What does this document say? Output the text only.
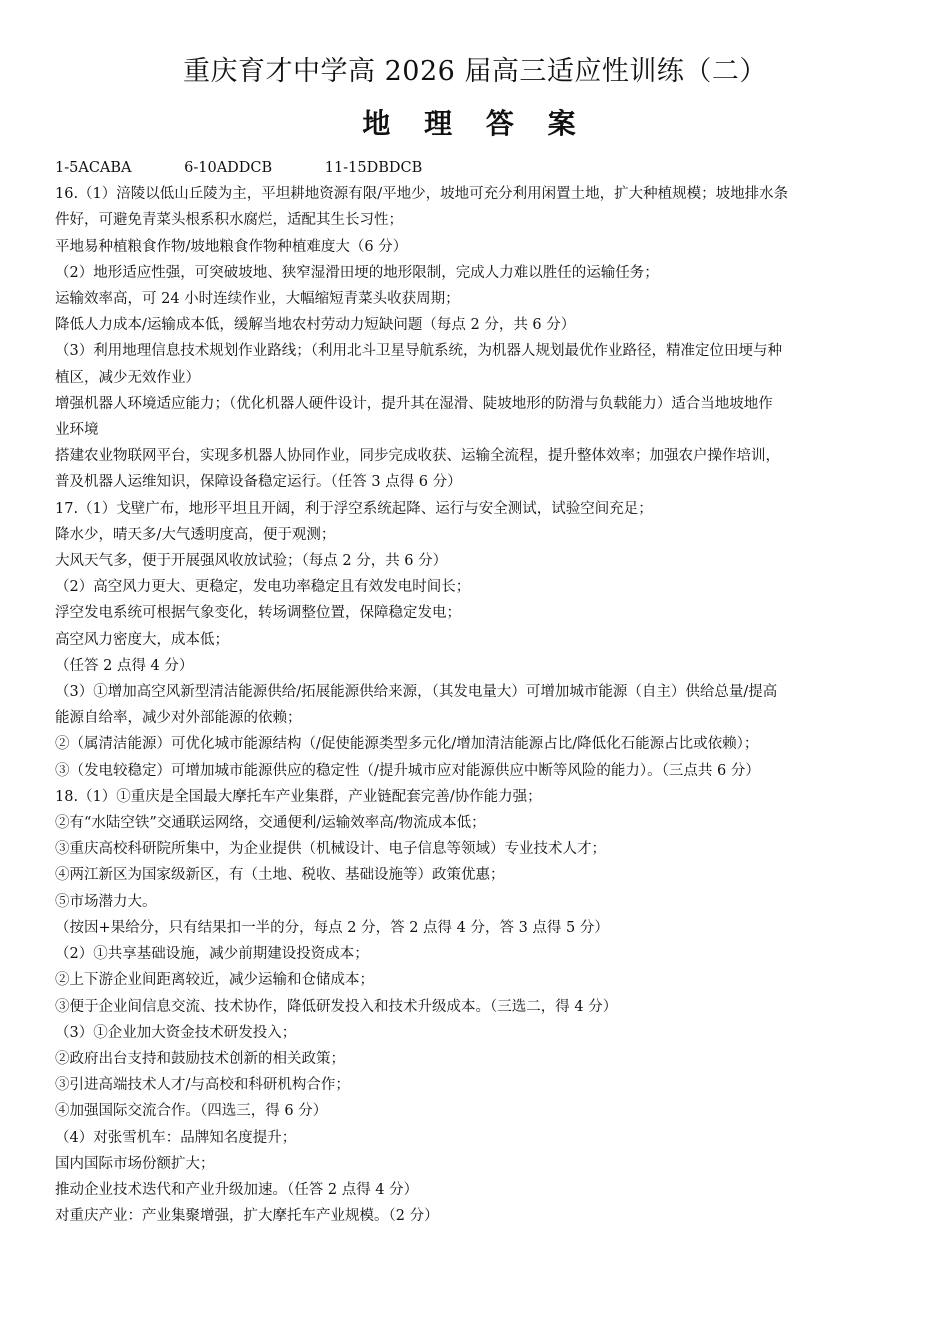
重庆育才中学高 2026 届高三适应性训练（二）
地 理 答 案
1-5ACABA	6-10ADDCB	11-15DBDCB
16.（1）涪陵以低山丘陵为主，平坦耕地资源有限/平地少，坡地可充分利用闲置土地，扩大种植规模；坡地排水条
件好，可避免青菜头根系积水腐烂，适配其生长习性；
平地易种植粮食作物/坡地粮食作物种植难度大（6 分）
（2）地形适应性强，可突破坡地、狭窄湿滑田埂的地形限制，完成人力难以胜任的运输任务；
运输效率高，可 24 小时连续作业，大幅缩短青菜头收获周期；
降低人力成本/运输成本低，缓解当地农村劳动力短缺问题（每点 2 分，共 6 分）
（3）利用地理信息技术规划作业路线；（利用北斗卫星导航系统，为机器人规划最优作业路径，精准定位田埂与种
植区，减少无效作业）
增强机器人环境适应能力；（优化机器人硬件设计，提升其在湿滑、陡坡地形的防滑与负载能力）适合当地坡地作
业环境
搭建农业物联网平台，实现多机器人协同作业，同步完成收获、运输全流程，提升整体效率；加强农户操作培训，
普及机器人运维知识，保障设备稳定运行。（任答 3 点得 6 分）
17.（1）戈壁广布，地形平坦且开阔，利于浮空系统起降、运行与安全测试，试验空间充足；
降水少，晴天多/大气透明度高，便于观测；
大风天气多，便于开展强风收放试验；（每点 2 分，共 6 分）
（2）高空风力更大、更稳定，发电功率稳定且有效发电时间长；
浮空发电系统可根据气象变化，转场调整位置，保障稳定发电；
高空风力密度大，成本低；
（任答 2 点得 4 分）
（3）①增加高空风新型清洁能源供给/拓展能源供给来源，（其发电量大）可增加城市能源（自主）供给总量/提高
能源自给率，减少对外部能源的依赖；
②（属清洁能源）可优化城市能源结构（/促使能源类型多元化/增加清洁能源占比/降低化石能源占比或依赖）；
③（发电较稳定）可增加城市能源供应的稳定性（/提升城市应对能源供应中断等风险的能力）。（三点共 6 分）
18.（1）①重庆是全国最大摩托车产业集群，产业链配套完善/协作能力强；
②有“水陆空铁”交通联运网络，交通便利/运输效率高/物流成本低；
③重庆高校科研院所集中，为企业提供（机械设计、电子信息等领域）专业技术人才；
④两江新区为国家级新区，有（土地、税收、基础设施等）政策优惠；
⑤市场潜力大。
（按因+果给分，只有结果扣一半的分，每点 2 分，答 2 点得 4 分，答 3 点得 5 分）
（2）①共享基础设施，减少前期建设投资成本；
②上下游企业间距离较近，减少运输和仓储成本；
③便于企业间信息交流、技术协作，降低研发投入和技术升级成本。（三选二，得 4 分）
（3）①企业加大资金技术研发投入；
②政府出台支持和鼓励技术创新的相关政策；
③引进高端技术人才/与高校和科研机构合作；
④加强国际交流合作。（四选三，得 6 分）
（4）对张雪机车：品牌知名度提升；
国内国际市场份额扩大；
推动企业技术迭代和产业升级加速。（任答 2 点得 4 分）
对重庆产业：产业集聚增强，扩大摩托车产业规模。（2 分）
